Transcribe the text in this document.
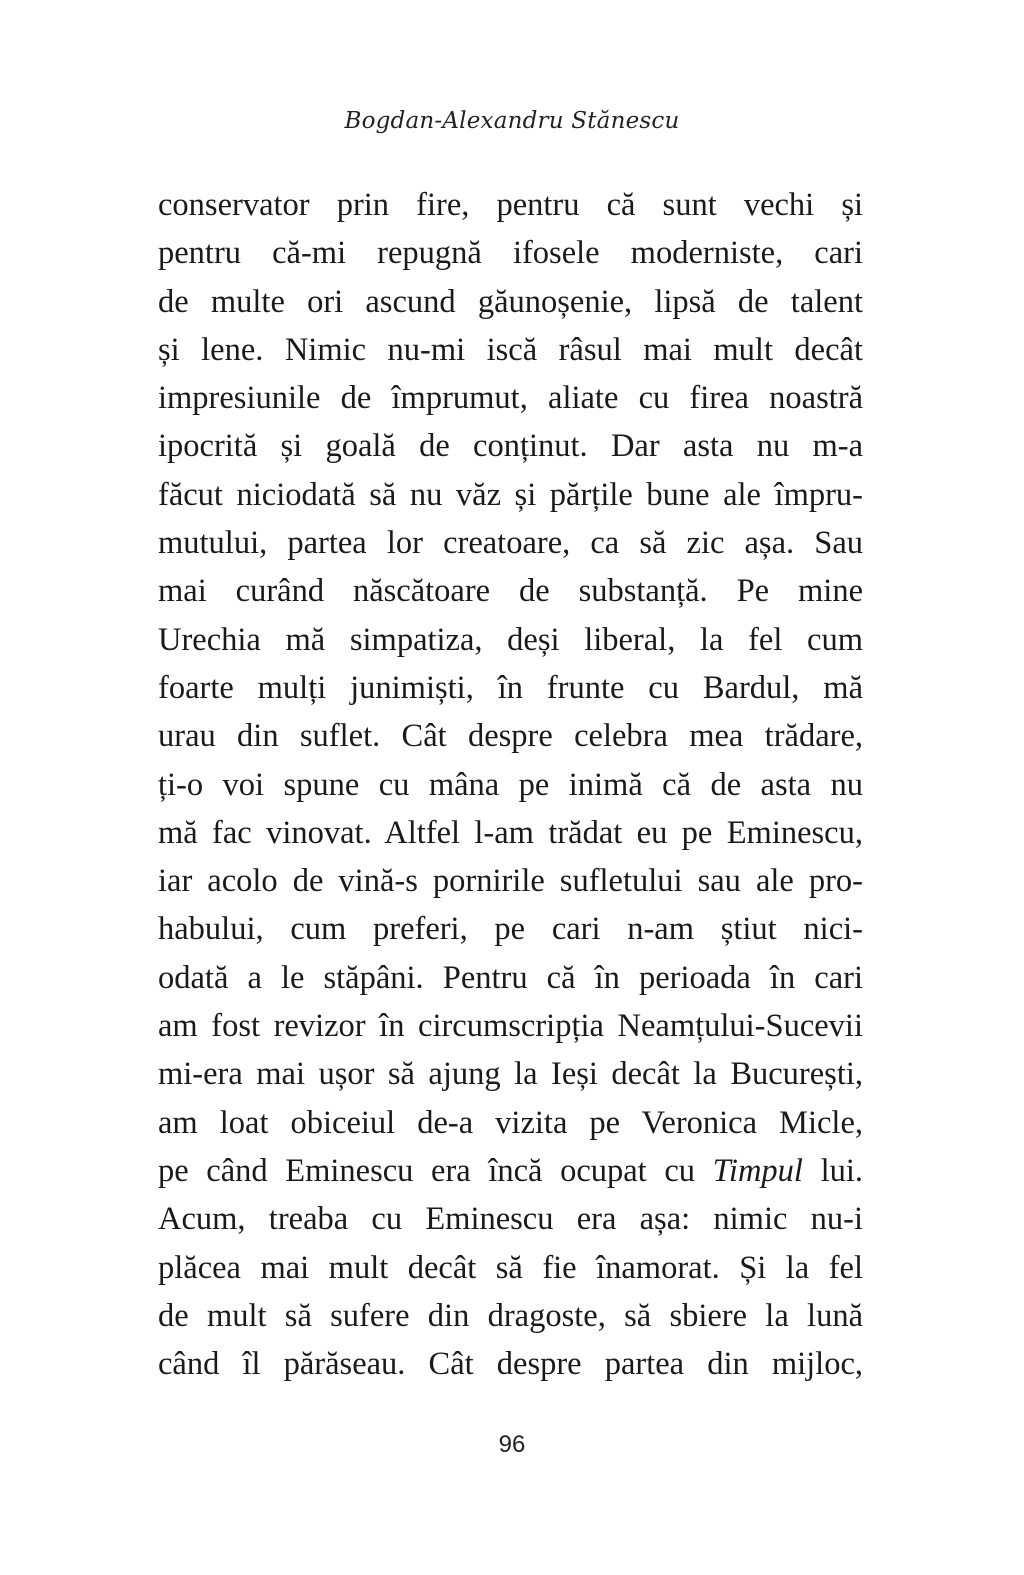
Bogdan-Alexandru Stănescu
conservator prin fire, pentru că sunt vechi și
pentru că-mi repugnă ifosele moderniste, cari
de multe ori ascund găunoșenie, lipsă de talent
și lene. Nimic nu-mi iscă râsul mai mult decât
impresiunile de împrumut, aliate cu firea noastră
ipocrită și goală de conținut. Dar asta nu m-a
făcut niciodată să nu văz și părțile bune ale împru-
mutului, partea lor creatoare, ca să zic așa. Sau
mai curând născătoare de substanță. Pe mine
Urechia mă simpatiza, deși liberal, la fel cum
foarte mulți junimiști, în frunte cu Bardul, mă
urau din suflet. Cât despre celebra mea trădare,
ți-o voi spune cu mâna pe inimă că de asta nu
mă fac vinovat. Altfel l-am trădat eu pe Eminescu,
iar acolo de vină-s pornirile sufletului sau ale pro-
habului, cum preferi, pe cari n-am știut nici-
odată a le stăpâni. Pentru că în perioada în cari
am fost revizor în circumscripția Neamțului-Sucevii
mi-era mai ușor să ajung la Ieși decât la București,
am loat obiceiul de-a vizita pe Veronica Micle,
pe când Eminescu era încă ocupat cu Timpul lui.
Acum, treaba cu Eminescu era așa: nimic nu-i
plăcea mai mult decât să fie înamorat. Și la fel
de mult să sufere din dragoste, să sbiere la lună
când îl părăseau. Cât despre partea din mijloc,
96
